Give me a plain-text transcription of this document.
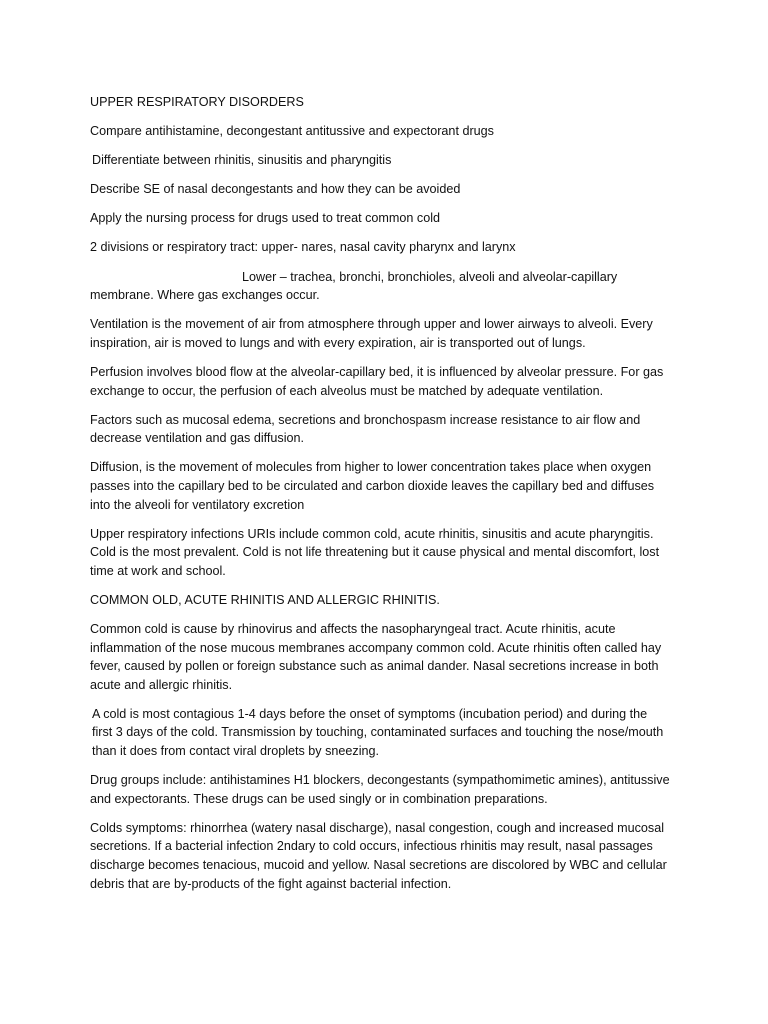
UPPER RESPIRATORY DISORDERS

Compare antihistamine, decongestant antitussive and expectorant drugs

Differentiate between rhinitis, sinusitis and pharyngitis

Describe SE of nasal decongestants and how they can be avoided

Apply the nursing process for drugs used to treat common cold

2 divisions or respiratory tract: upper- nares, nasal cavity pharynx and larynx

Lower – trachea, bronchi, bronchioles, alveoli and alveolar-capillary
membrane. Where gas exchanges occur.

Ventilation is the movement of air from atmosphere through upper and lower airways to alveoli. Every
inspiration, air is moved to lungs and with every expiration, air is transported out of lungs.

Perfusion involves blood flow at the alveolar-capillary bed, it is influenced by alveolar pressure. For gas
exchange to occur, the perfusion of each alveolus must be matched by adequate ventilation.

Factors such as mucosal edema, secretions and bronchospasm increase resistance to air flow and
decrease ventilation and gas diffusion.

Diffusion, is the movement of molecules from higher to lower concentration takes place when oxygen
passes into the capillary bed to be circulated and carbon dioxide leaves the capillary bed and diffuses
into the alveoli for ventilatory excretion

Upper respiratory infections URIs include common cold, acute rhinitis, sinusitis and acute pharyngitis.
Cold is the most prevalent. Cold is not life threatening but it cause physical and mental discomfort, lost
time at work and school.

COMMON OLD, ACUTE RHINITIS AND ALLERGIC RHINITIS.

Common cold is cause by rhinovirus and affects the nasopharyngeal tract. Acute rhinitis, acute
inflammation of the nose mucous membranes accompany common cold. Acute rhinitis often called hay
fever, caused by pollen or foreign substance such as animal dander. Nasal secretions increase in both
acute and allergic rhinitis.

A cold is most contagious 1-4 days before the onset of symptoms (incubation period) and during the
first 3 days of the cold. Transmission by touching, contaminated surfaces and touching the nose/mouth
than it does from contact viral droplets by sneezing.

Drug groups include: antihistamines H1 blockers, decongestants (sympathomimetic amines), antitussive
and expectorants. These drugs can be used singly or in combination preparations.

Colds symptoms: rhinorrhea (watery nasal discharge), nasal congestion, cough and increased mucosal
secretions. If a bacterial infection 2ndary to cold occurs, infectious rhinitis may result, nasal passages
discharge becomes tenacious, mucoid and yellow. Nasal secretions are discolored by WBC and cellular
debris that are by-products of the fight against bacterial infection.
